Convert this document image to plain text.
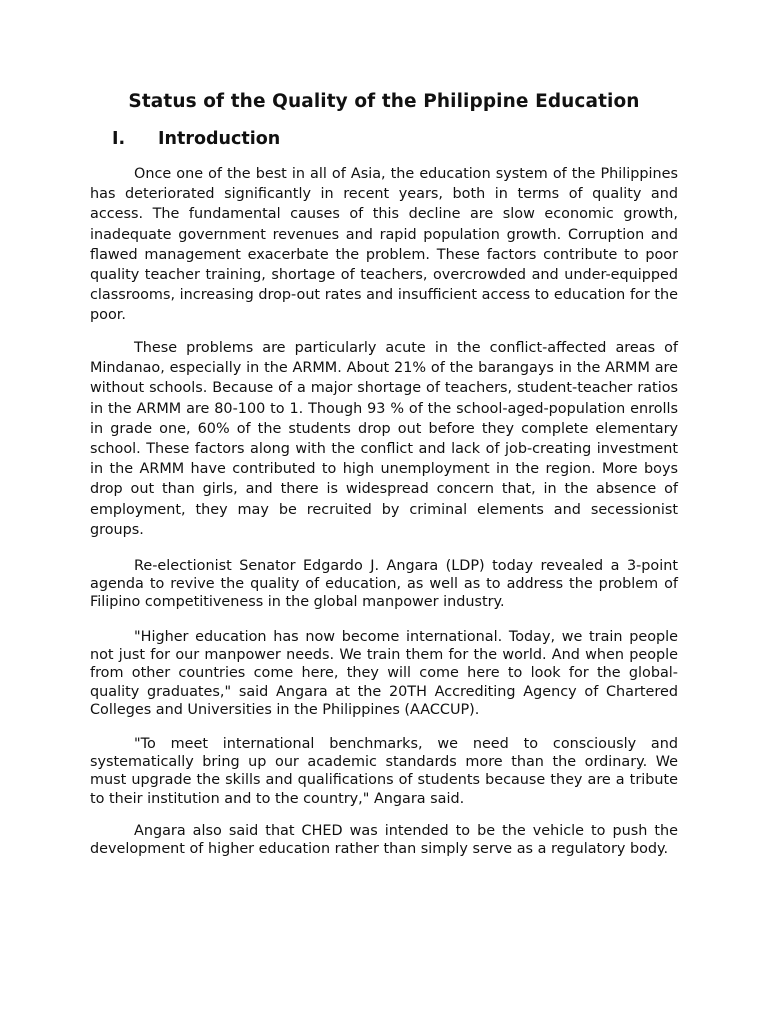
Status of the Quality of the Philippine Education
I. Introduction

Once one of the best in all of Asia, the education system of the Philippines has deteriorated significantly in recent years, both in terms of quality and access. The fundamental causes of this decline are slow economic growth, inadequate government revenues and rapid population growth. Corruption and flawed management exacerbate the problem. These factors contribute to poor quality teacher training, shortage of teachers, overcrowded and under-equipped classrooms, increasing drop-out rates and insufficient access to education for the poor.

These problems are particularly acute in the conflict-affected areas of Mindanao, especially in the ARMM. About 21% of the barangays in the ARMM are without schools. Because of a major shortage of teachers, student-teacher ratios in the ARMM are 80-100 to 1. Though 93 % of the school-aged-population enrolls in grade one, 60% of the students drop out before they complete elementary school. These factors along with the conflict and lack of job-creating investment in the ARMM have contributed to high unemployment in the region. More boys drop out than girls, and there is widespread concern that, in the absence of employment, they may be recruited by criminal elements and secessionist groups.

Re-electionist Senator Edgardo J. Angara (LDP) today revealed a 3-point agenda to revive the quality of education, as well as to address the problem of Filipino competitiveness in the global manpower industry.

"Higher education has now become international. Today, we train people not just for our manpower needs. We train them for the world. And when people from other countries come here, they will come here to look for the global-quality graduates," said Angara at the 20TH Accrediting Agency of Chartered Colleges and Universities in the Philippines (AACCUP).

"To meet international benchmarks, we need to consciously and systematically bring up our academic standards more than the ordinary. We must upgrade the skills and qualifications of students because they are a tribute to their institution and to the country," Angara said.

Angara also said that CHED was intended to be the vehicle to push the development of higher education rather than simply serve as a regulatory body.
